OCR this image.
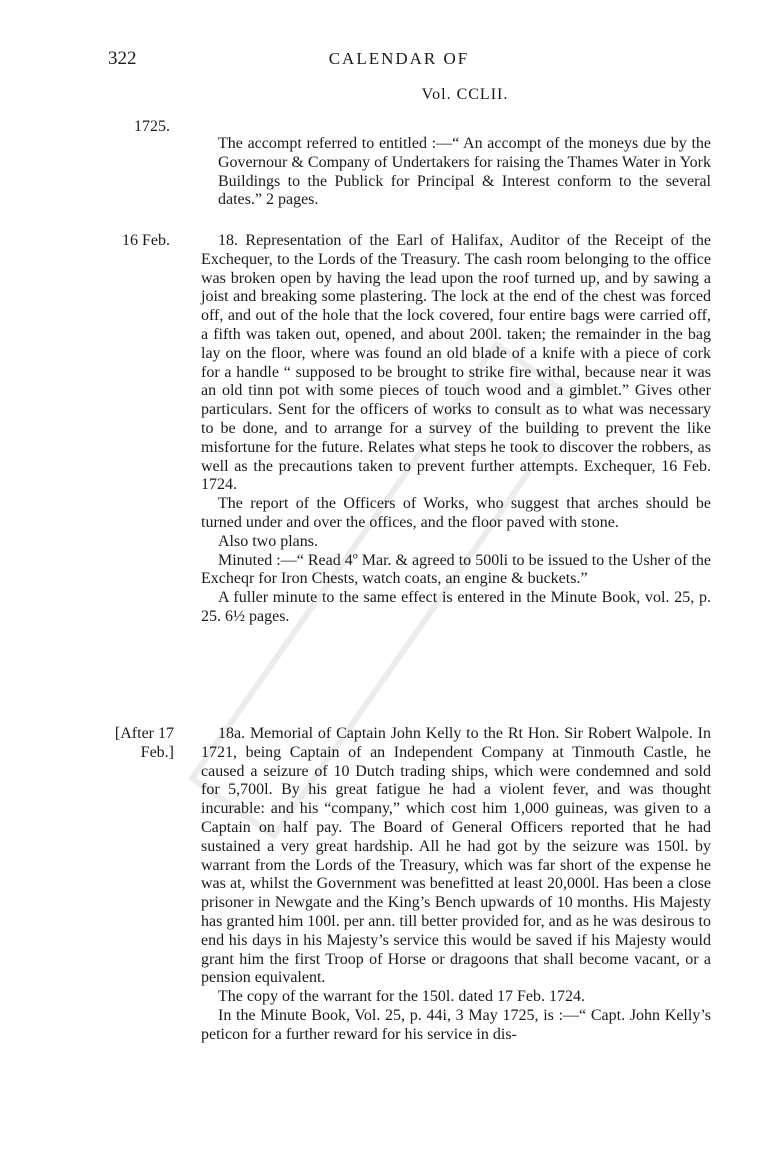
322	CALENDAR OF
Vol. CCLII.
1725.

The accompt referred to entitled :—“ An accompt of the moneys due by the Governour & Company of Undertakers for raising the Thames Water in York Buildings to the Publick for Principal & Interest conform to the several dates.” 2 pages.

16 Feb.	18. Representation of the Earl of Halifax, Auditor of the Receipt of the Exchequer, to the Lords of the Treasury. The cash room belonging to the office was broken open by having the lead upon the roof turned up, and by sawing a joist and breaking some plastering. The lock at the end of the chest was forced off, and out of the hole that the lock covered, four entire bags were carried off, a fifth was taken out, opened, and about 200l. taken; the remainder in the bag lay on the floor, where was found an old blade of a knife with a piece of cork for a handle “ supposed to be brought to strike fire withal, because near it was an old tinn pot with some pieces of touch wood and a gimblet.” Gives other particulars. Sent for the officers of works to consult as to what was necessary to be done, and to arrange for a survey of the building to prevent the like misfortune for the future. Relates what steps he took to discover the robbers, as well as the precautions taken to prevent further attempts. Exchequer, 16 Feb. 1724.

The report of the Officers of Works, who suggest that arches should be turned under and over the offices, and the floor paved with stone.

Also two plans.

Minuted :—“ Read 4º Mar. & agreed to 500li to be issued to the Usher of the Exchеqr for Iron Chests, watch coats, an engine & buckets.”

A fuller minute to the same effect is entered in the Minute Book, vol. 25, p. 25. 6½ pages.

[After 17
Feb.]

18a. Memorial of Captain John Kelly to the Rt Hon. Sir Robert Walpole. In 1721, being Captain of an Independent Company at Tinmouth Castle, he caused a seizure of 10 Dutch trading ships, which were condemned and sold for 5,700l. By his great fatigue he had a violent fever, and was thought incurable: and his “company,” which cost him 1,000 guineas, was given to a Captain on half pay. The Board of General Officers reported that he had sustained a very great hardship. All he had got by the seizure was 150l. by warrant from the Lords of the Treasury, which was far short of the expense he was at, whilst the Government was benefitted at least 20,000l. Has been a close prisoner in Newgate and the King’s Bench upwards of 10 months. His Majesty has granted him 100l. per ann. till better provided for, and as he was desirous to end his days in his Majesty’s service this would be saved if his Majesty would grant him the first Troop of Horse or dragoons that shall become vacant, or a pension equivalent.

The copy of the warrant for the 150l. dated 17 Feb. 1724.

In the Minute Book, Vol. 25, p. 44i, 3 May 1725, is :—“ Capt. John Kelly’s peticon for a further reward for his service in dis-
